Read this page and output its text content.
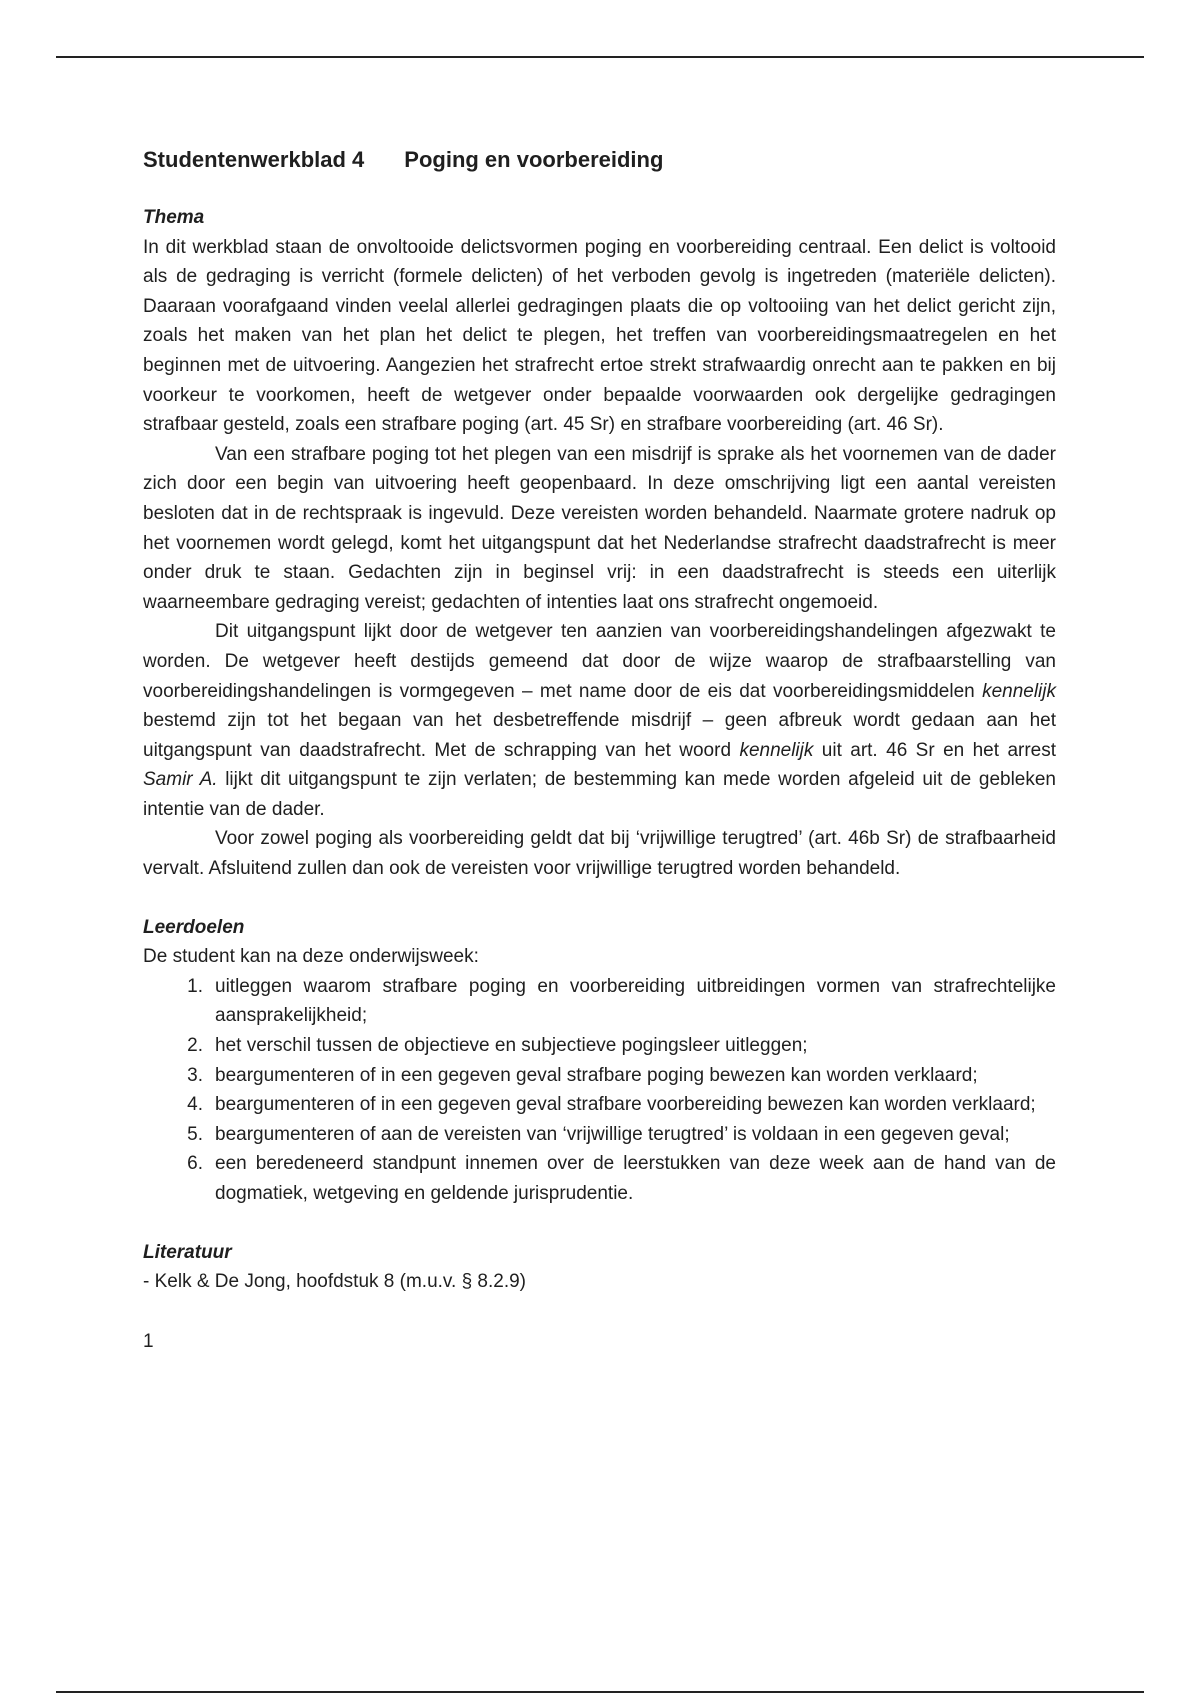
Studentenwerkblad 4 Poging en voorbereiding
Thema

In dit werkblad staan de onvoltooide delictsvormen poging en voorbereiding centraal. Een delict is voltooid als de gedraging is verricht (formele delicten) of het verboden gevolg is ingetreden (materiële delicten). Daaraan voorafgaand vinden veelal allerlei gedragingen plaats die op voltooiing van het delict gericht zijn, zoals het maken van het plan het delict te plegen, het treffen van voorbereidingsmaatregelen en het beginnen met de uitvoering. Aangezien het strafrecht ertoe strekt strafwaardig onrecht aan te pakken en bij voorkeur te voorkomen, heeft de wetgever onder bepaalde voorwaarden ook dergelijke gedragingen strafbaar gesteld, zoals een strafbare poging (art. 45 Sr) en strafbare voorbereiding (art. 46 Sr).

Van een strafbare poging tot het plegen van een misdrijf is sprake als het voornemen van de dader zich door een begin van uitvoering heeft geopenbaard. In deze omschrijving ligt een aantal vereisten besloten dat in de rechtspraak is ingevuld. Deze vereisten worden behandeld. Naarmate grotere nadruk op het voornemen wordt gelegd, komt het uitgangspunt dat het Nederlandse strafrecht daadstrafrecht is meer onder druk te staan. Gedachten zijn in beginsel vrij: in een daadstrafrecht is steeds een uiterlijk waarneembare gedraging vereist; gedachten of intenties laat ons strafrecht ongemoeid.

Dit uitgangspunt lijkt door de wetgever ten aanzien van voorbereidingshandelingen afgezwakt te worden. De wetgever heeft destijds gemeend dat door de wijze waarop de strafbaarstelling van voorbereidingshandelingen is vormgegeven – met name door de eis dat voorbereidingsmiddelen kennelijk bestemd zijn tot het begaan van het desbetreffende misdrijf – geen afbreuk wordt gedaan aan het uitgangspunt van daadstrafrecht. Met de schrapping van het woord kennelijk uit art. 46 Sr en het arrest Samir A. lijkt dit uitgangspunt te zijn verlaten; de bestemming kan mede worden afgeleid uit de gebleken intentie van de dader.

Voor zowel poging als voorbereiding geldt dat bij ‘vrijwillige terugtred’ (art. 46b Sr) de strafbaarheid vervalt. Afsluitend zullen dan ook de vereisten voor vrijwillige terugtred worden behandeld.

Leerdoelen

De student kan na deze onderwijsweek:

1. uitleggen waarom strafbare poging en voorbereiding uitbreidingen vormen van strafrechtelijke aansprakelijkheid;
2. het verschil tussen de objectieve en subjectieve pogingsleer uitleggen;
3. beargumenteren of in een gegeven geval strafbare poging bewezen kan worden verklaard;
4. beargumenteren of in een gegeven geval strafbare voorbereiding bewezen kan worden verklaard;
5. beargumenteren of aan de vereisten van ‘vrijwillige terugtred’ is voldaan in een gegeven geval;
6. een beredeneerd standpunt innemen over de leerstukken van deze week aan de hand van de dogmatiek, wetgeving en geldende jurisprudentie.
Literatuur

- Kelk & De Jong, hoofdstuk 8 (m.u.v. § 8.2.9)

1
